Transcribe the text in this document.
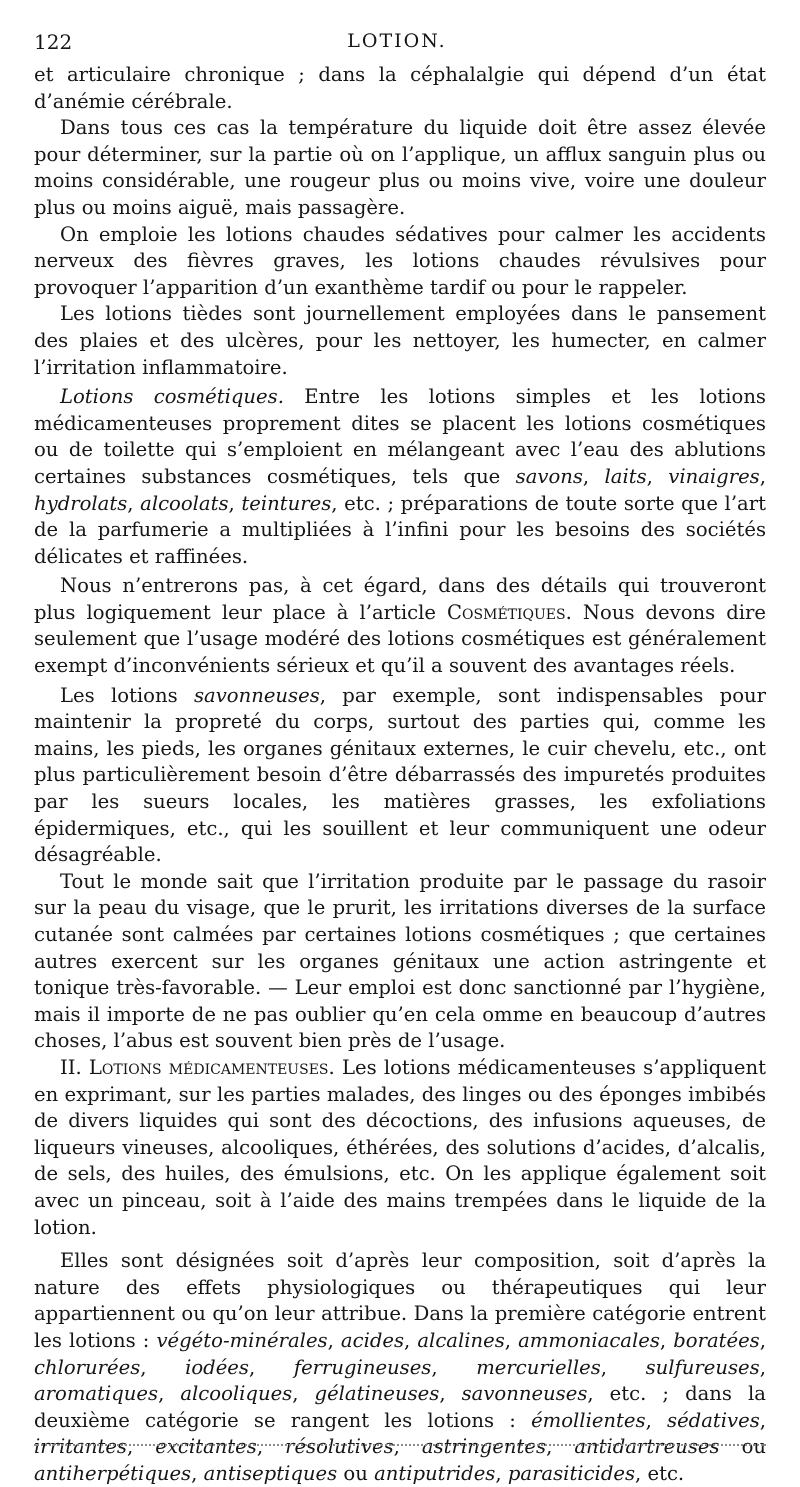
122	LOTION.

et articulaire chronique ; dans la céphalalgie qui dépend d’un état d’anémie cérébrale.

Dans tous ces cas la température du liquide doit être assez élevée pour déterminer, sur la partie où on l’applique, un afflux sanguin plus ou moins considérable, une rougeur plus ou moins vive, voire une douleur plus ou moins aiguë, mais passagère.

On emploie les lotions chaudes sédatives pour calmer les accidents nerveux des fièvres graves, les lotions chaudes révulsives pour provoquer l’apparition d’un exanthème tardif ou pour le rappeler.

Les lotions tièdes sont journellement employées dans le pansement des plaies et des ulcères, pour les nettoyer, les humecter, en calmer l’irritation inflammatoire.

Lotions cosmétiques. Entre les lotions simples et les lotions médicamenteuses proprement dites se placent les lotions cosmétiques ou de toilette qui s’emploient en mélangeant avec l’eau des ablutions certaines substances cosmétiques, tels que savons, laits, vinaigres, hydrolats, alcoolats, teintures, etc. ; préparations de toute sorte que l’art de la parfumerie a multipliées à l’infini pour les besoins des sociétés délicates et raffinées.

Nous n’entrerons pas, à cet égard, dans des détails qui trouveront plus logiquement leur place à l’article Cosmétiques. Nous devons dire seulement que l’usage modéré des lotions cosmétiques est généralement exempt d’inconvénients sérieux et qu’il a souvent des avantages réels.

Les lotions savonneuses, par exemple, sont indispensables pour maintenir la propreté du corps, surtout des parties qui, comme les mains, les pieds, les organes génitaux externes, le cuir chevelu, etc., ont plus particulièrement besoin d’être débarrassés des impuretés produites par les sueurs locales, les matières grasses, les exfoliations épidermiques, etc., qui les souillent et leur communiquent une odeur désagréable.

Tout le monde sait que l’irritation produite par le passage du rasoir sur la peau du visage, que le prurit, les irritations diverses de la surface cutanée sont calmées par certaines lotions cosmétiques ; que certaines autres exercent sur les organes génitaux une action astringente et tonique très-favorable. — Leur emploi est donc sanctionné par l’hygiène, mais il importe de ne pas oublier qu’en cela omme en beaucoup d’autres choses, l’abus est souvent bien près de l’usage.

II. Lotions médicamenteuses. Les lotions médicamenteuses s’appliquent en exprimant, sur les parties malades, des linges ou des éponges imbibés de divers liquides qui sont des décoctions, des infusions aqueuses, de liqueurs vineuses, alcooliques, éthérées, des solutions d’acides, d’alcalis, de sels, des huiles, des émulsions, etc. On les applique également soit avec un pinceau, soit à l’aide des mains trempées dans le liquide de la lotion.

Elles sont désignées soit d’après leur composition, soit d’après la nature des effets physiologiques ou thérapeutiques qui leur appartiennent ou qu’on leur attribue. Dans la première catégorie entrent les lotions : végéto-minérales, acides, alcalines, ammoniacales, boratées, chlorurées, iodées, ferrugineuses, mercurielles, sulfureuses, aromatiques, alcooliques, gélatineuses, savonneuses, etc. ; dans la deuxième catégorie se rangent les lotions : émollientes, sédatives, irritantes, excitantes, résolutives, astringentes, antidartreuses ou antiherpétiques, antiseptiques ou antiputrides, parasiticides, etc.
